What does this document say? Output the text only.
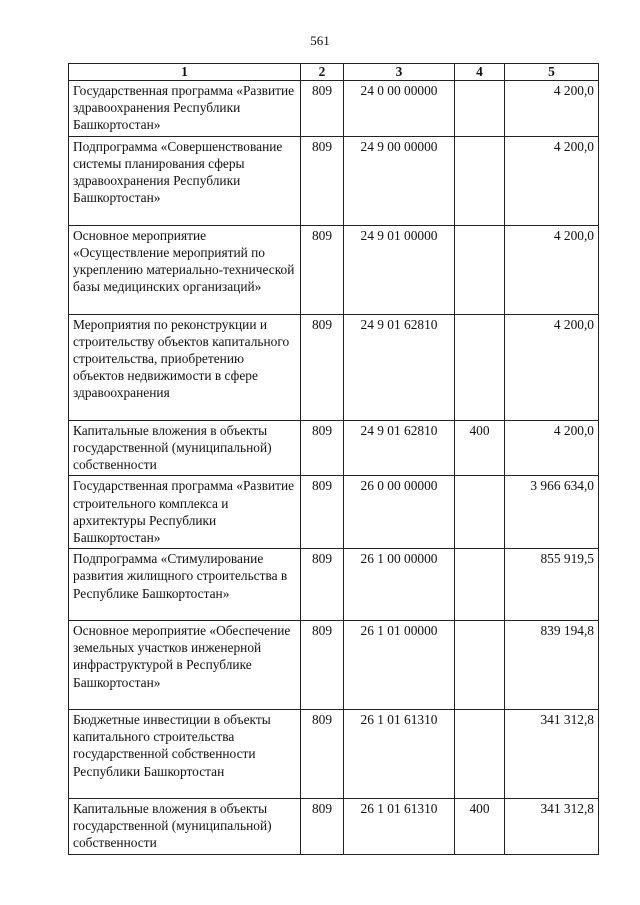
561
1	2	3	4	5
Государственная программа «Развитие здравоохранения Республики Башкортостан»	809	24 0 00 00000		4 200,0
Подпрограмма «Совершенствование системы планирования сферы здравоохранения Республики Башкортостан»	809	24 9 00 00000		4 200,0
Основное мероприятие «Осуществление мероприятий по укреплению материально-технической базы медицинских организаций»	809	24 9 01 00000		4 200,0
Мероприятия по реконструкции и строительству объектов капитального строительства, приобретению объектов недвижимости в сфере здравоохранения	809	24 9 01 62810		4 200,0
Капитальные вложения в объекты государственной (муниципальной) собственности	809	24 9 01 62810	400	4 200,0
Государственная программа «Развитие строительного комплекса и архитектуры Республики Башкортостан»	809	26 0 00 00000		3 966 634,0
Подпрограмма «Стимулирование развития жилищного строительства в Республике Башкортостан»	809	26 1 00 00000		855 919,5
Основное мероприятие «Обеспечение земельных участков инженерной инфраструктурой в Республике Башкортостан»	809	26 1 01 00000		839 194,8
Бюджетные инвестиции в объекты капитального строительства государственной собственности Республики Башкортостан	809	26 1 01 61310		341 312,8
Капитальные вложения в объекты государственной (муниципальной) собственности	809	26 1 01 61310	400	341 312,8
